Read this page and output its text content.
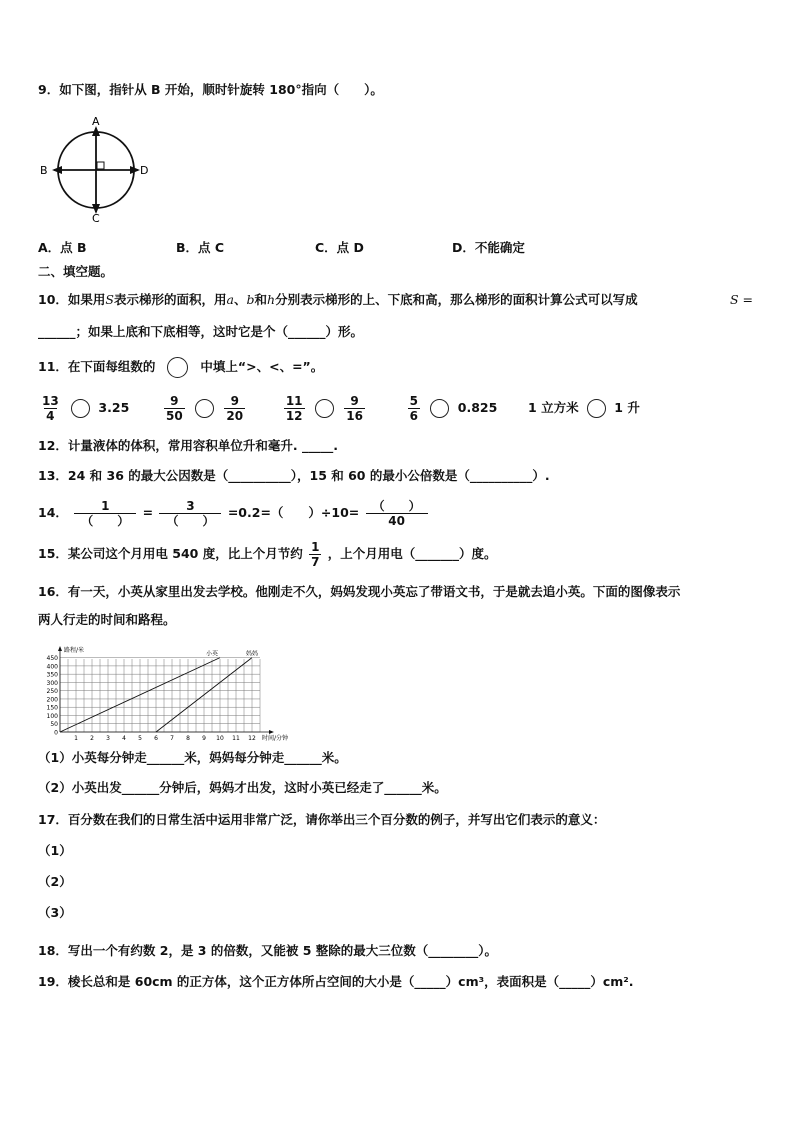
9．如下图，指针从 B 开始，顺时针旋转 180°指向（　　）。
A
B
C
D
A．点 B	B．点 C	C．点 D	D．不能确定
二、填空题。
10．如果用S表示梯形的面积，用a、b和h分别表示梯形的上、下底和高，那么梯形的面积计算公式可以写成	S =
______；如果上底和下底相等，这时它是个（______）形。
11．在下面每组数的	中填上“>、<、=”。
$\frac{13}{4}$	3.25	$\frac{9}{50}$
	$\frac{9}{20}$
	$\frac{11}{12}$
	$\frac{9}{16}$
	$\frac{5}{6}$	0.825 1 立方米	1 升
12．计量液体的体积，常用容积单位升和毫升. _____.
13．24 和 36 的最大公因数是（__________），15 和 60 的最小公倍数是（__________）.
14． $\frac{1}{( )} = \frac{3}{( )} =0.2=$（　　）$\div 10= \frac{( )}{40}$
15．某公司这个月用电 540 度，比上个月节约 $\frac{1}{7}$ ，上个月用电（_______）度。
16．有一天，小英从家里出发去学校。他刚走不久，妈妈发现小英忘了带语文书，于是就去追小英。下面的图像表示
两人行走的时间和路程。
0
50
100
150
200
250
300
350
400
450
1 2 3 4 5 6 7 8 9 10 11 12
路程/米
时间/分钟
小英	妈妈
（1）小英每分钟走______米，妈妈每分钟走______米。
（2）小英出发______分钟后，妈妈才出发，这时小英已经走了______米。
17．百分数在我们的日常生活中运用非常广泛，请你举出三个百分数的例子，并写出它们表示的意义：
（1）
（2）
（3）
18．写出一个有约数 2，是 3 的倍数，又能被 5 整除的最大三位数（________）。
19．棱长总和是 60cm 的正方体，这个正方体所占空间的大小是（_____）cm³，表面积是（_____）cm².
